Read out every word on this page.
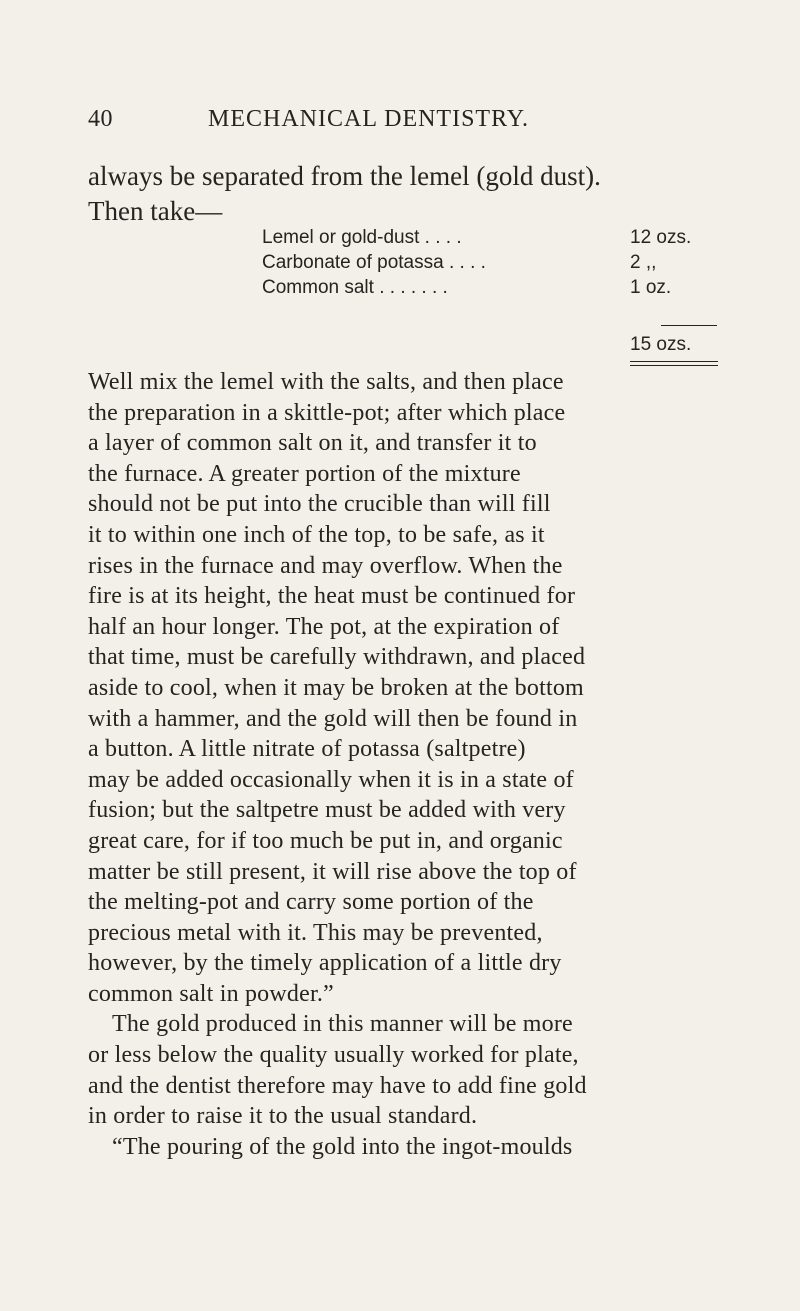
40	MECHANICAL DENTISTRY.
always be separated from the lemel (gold dust).
Then take—
Lemel or gold-dust . . . .	12 ozs.
Carbonate of potassa . . . .	2 ,,
Common salt . . . . . . .	1 oz.
15 ozs.
Well mix the lemel with the salts, and then place
the preparation in a skittle-pot; after which place
a layer of common salt on it, and transfer it to
the furnace. A greater portion of the mixture
should not be put into the crucible than will fill
it to within one inch of the top, to be safe, as it
rises in the furnace and may overflow. When the
fire is at its height, the heat must be continued for
half an hour longer. The pot, at the expiration of
that time, must be carefully withdrawn, and placed
aside to cool, when it may be broken at the bottom
with a hammer, and the gold will then be found in
a button. A little nitrate of potassa (saltpetre)
may be added occasionally when it is in a state of
fusion; but the saltpetre must be added with very
great care, for if too much be put in, and organic
matter be still present, it will rise above the top of
the melting-pot and carry some portion of the
precious metal with it. This may be prevented,
however, by the timely application of a little dry
common salt in powder.”
The gold produced in this manner will be more
or less below the quality usually worked for plate,
and the dentist therefore may have to add fine gold
in order to raise it to the usual standard.
“The pouring of the gold into the ingot-moulds
